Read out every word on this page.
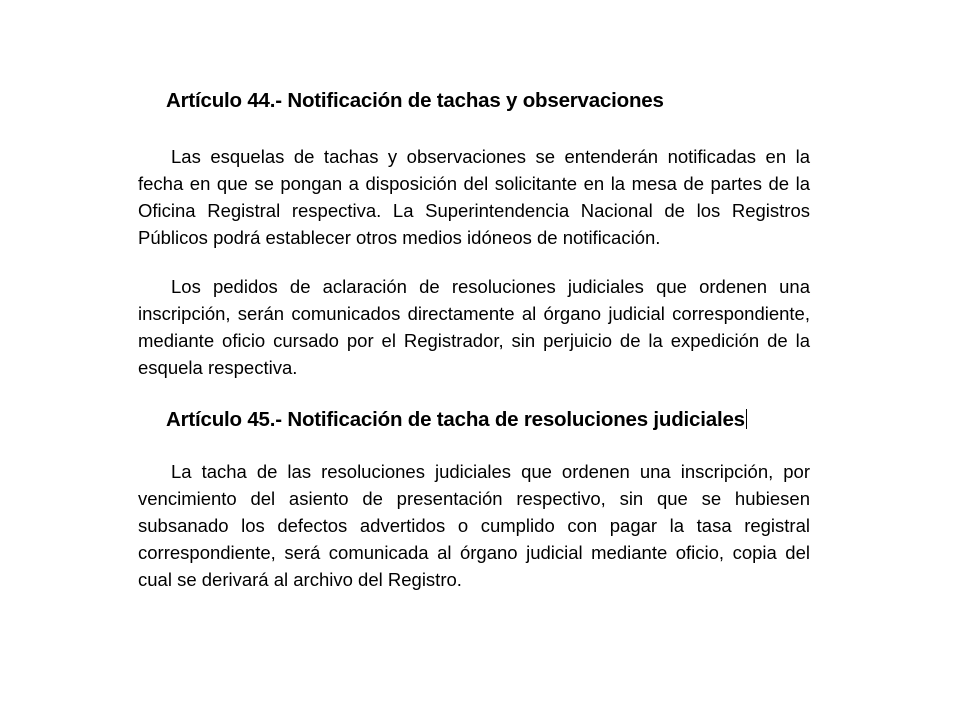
Artículo 44.- Notificación de tachas y observaciones

Las esquelas de tachas y observaciones se entenderán notificadas en la fecha en que se pongan a disposición del solicitante en la mesa de partes de la Oficina Registral respectiva. La Superintendencia Nacional de los Registros Públicos podrá establecer otros medios idóneos de notificación.

Los pedidos de aclaración de resoluciones judiciales que ordenen una inscripción, serán comunicados directamente al órgano judicial correspondiente, mediante oficio cursado por el Registrador, sin perjuicio de la expedición de la esquela respectiva.

Artículo 45.- Notificación de tacha de resoluciones judiciales

La tacha de las resoluciones judiciales que ordenen una inscripción, por vencimiento del asiento de presentación respectivo, sin que se hubiesen subsanado los defectos advertidos o cumplido con pagar la tasa registral correspondiente, será comunicada al órgano judicial mediante oficio, copia del cual se derivará al archivo del Registro.
